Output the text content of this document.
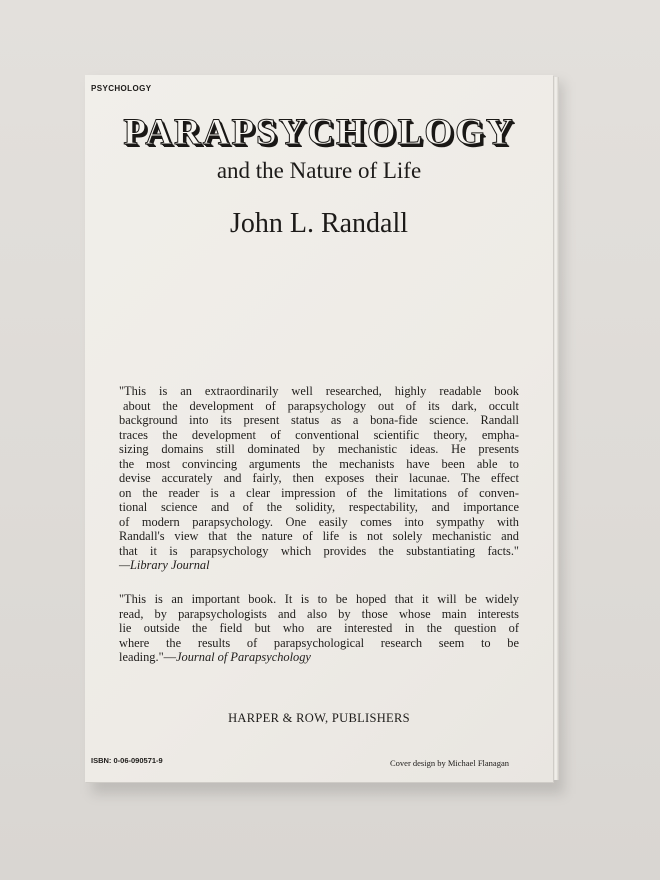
PSYCHOLOGY
PARAPSYCHOLOGY
and the Nature of Life
John L. Randall
"This is an extraordinarily well researched, highly readable book
about the development of parapsychology out of its dark, occult
background into its present status as a bona-fide science. Randall
traces the development of conventional scientific theory, empha-
sizing domains still dominated by mechanistic ideas. He presents
the most convincing arguments the mechanists have been able to
devise accurately and fairly, then exposes their lacunae. The effect
on the reader is a clear impression of the limitations of conven-
tional science and of the solidity, respectability, and importance
of modern parapsychology. One easily comes into sympathy with
Randall's view that the nature of life is not solely mechanistic and
that it is parapsychology which provides the substantiating facts."
—Library Journal
"This is an important book. It is to be hoped that it will be widely
read, by parapsychologists and also by those whose main interests
lie outside the field but who are interested in the question of
where the results of parapsychological research seem to be
leading."—Journal of Parapsychology
HARPER & ROW, PUBLISHERS
ISBN: 0-06-090571-9	Cover design by Michael Flanagan
